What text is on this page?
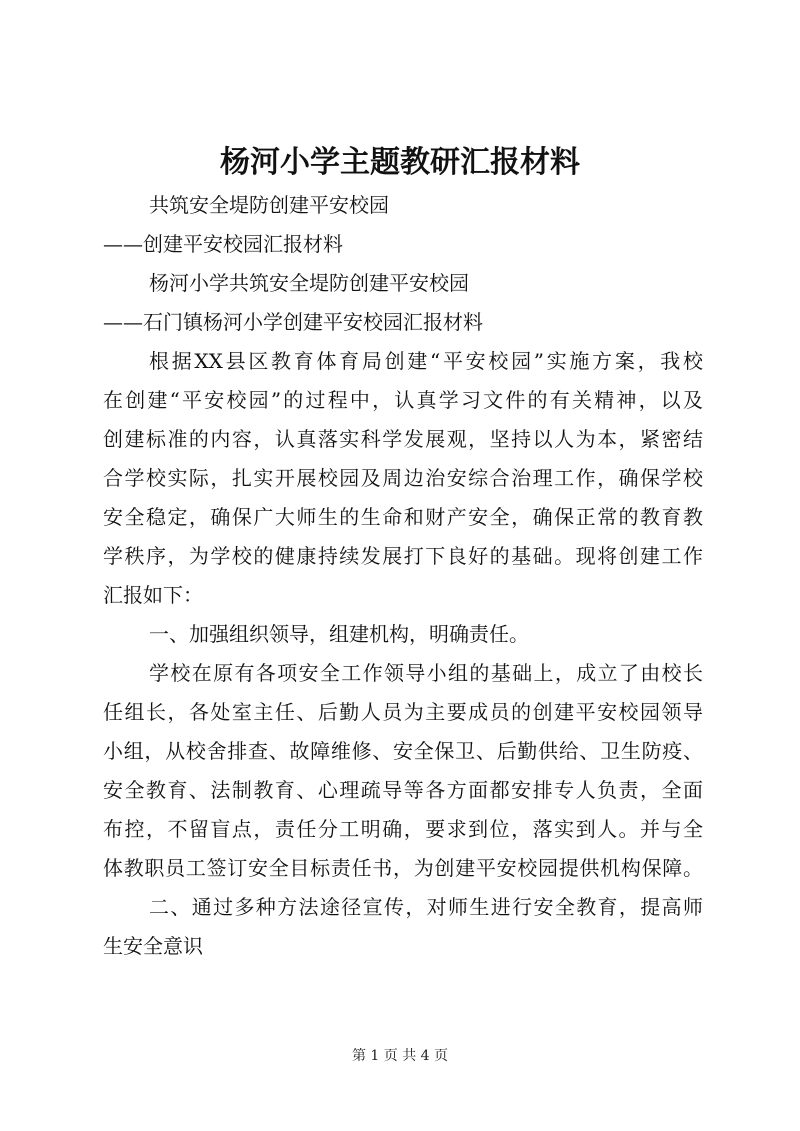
杨河小学主题教研汇报材料
共筑安全堤防创建平安校园
——创建平安校园汇报材料
杨河小学共筑安全堤防创建平安校园
——石门镇杨河小学创建平安校园汇报材料
根据XX县区教育体育局创建“平安校园”实施方案，我校
在创建“平安校园”的过程中，认真学习文件的有关精神，以及
创建标准的内容，认真落实科学发展观，坚持以人为本，紧密结
合学校实际，扎实开展校园及周边治安综合治理工作，确保学校
安全稳定，确保广大师生的生命和财产安全，确保正常的教育教
学秩序，为学校的健康持续发展打下良好的基础。现将创建工作
汇报如下：
一、加强组织领导，组建机构，明确责任。
学校在原有各项安全工作领导小组的基础上，成立了由校长
任组长，各处室主任、后勤人员为主要成员的创建平安校园领导
小组，从校舍排查、故障维修、安全保卫、后勤供给、卫生防疫、
安全教育、法制教育、心理疏导等各方面都安排专人负责，全面
布控，不留盲点，责任分工明确，要求到位，落实到人。并与全
体教职员工签订安全目标责任书，为创建平安校园提供机构保障。
二、通过多种方法途径宣传，对师生进行安全教育，提高师
生安全意识
第 1 页 共 4 页
